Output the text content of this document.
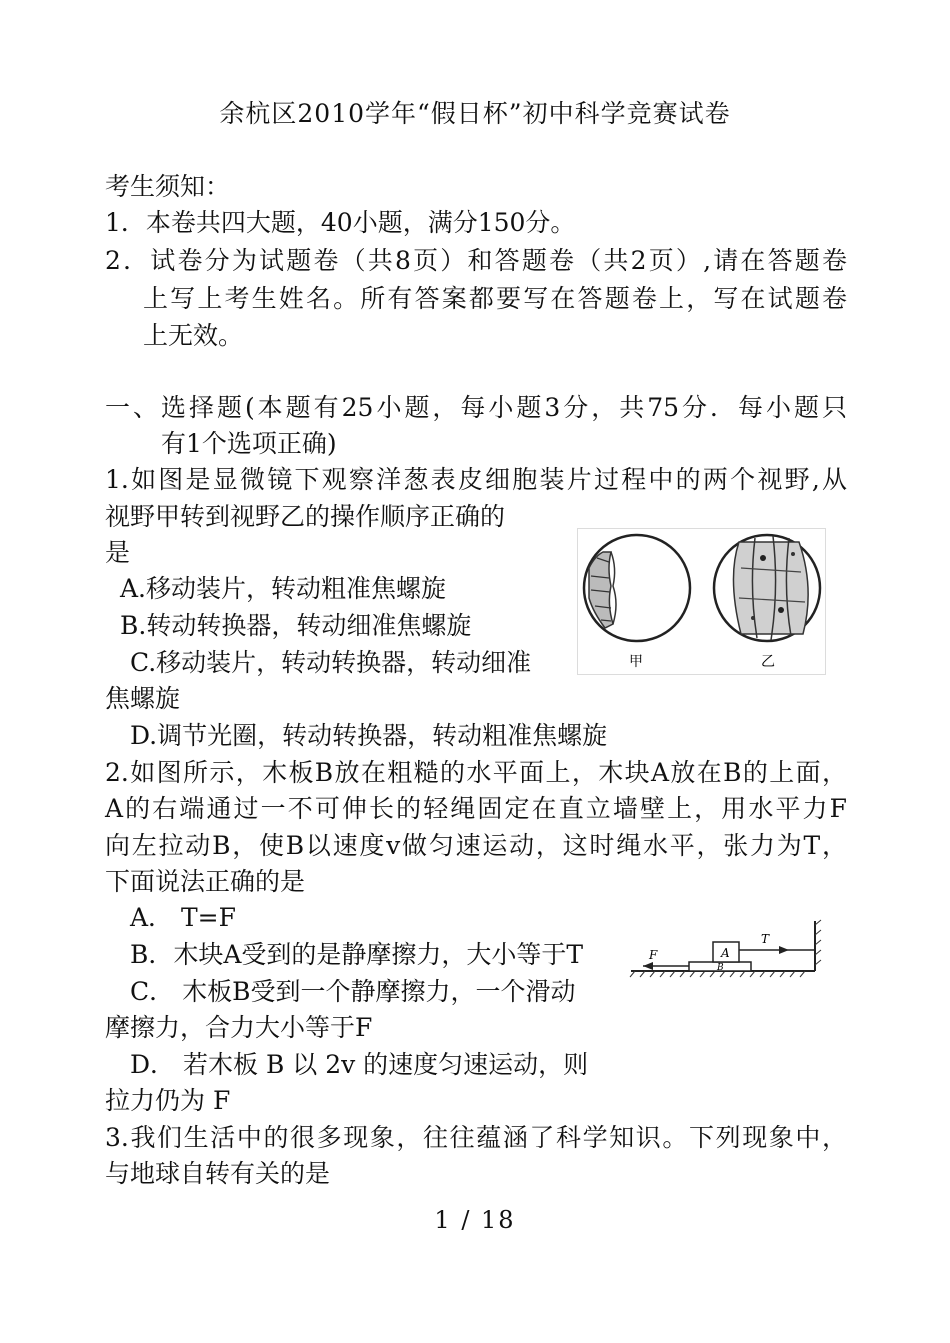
余杭区2010学年“假日杯”初中科学竞赛试卷
考生须知：
1．本卷共四大题，40小题，满分150分。
2．试卷分为试题卷（共8页）和答题卷（共2页）,请在答题卷
上写上考生姓名。所有答案都要写在答题卷上，写在试题卷
上无效。
一、选择题(本题有25小题，每小题3分，共75分．每小题只
有1个选项正确)
1.如图是显微镜下观察洋葱表皮细胞装片过程中的两个视野,从
视野甲转到视野乙的操作顺序正确的
是
A.移动装片，转动粗准焦螺旋
B.转动转换器，转动细准焦螺旋
C.移动装片，转动转换器，转动细准
焦螺旋
D.调节光圈，转动转换器，转动粗准焦螺旋
甲	乙
2.如图所示，木板B放在粗糙的水平面上，木块A放在B的上面，
A的右端通过一不可伸长的轻绳固定在直立墙壁上，用水平力F
向左拉动B，使B以速度v做匀速运动，这时绳水平，张力为T，
下面说法正确的是
A． T=F
B．木块A受到的是静摩擦力，大小等于T
C． 木板B受到一个静摩擦力，一个滑动
摩擦力，合力大小等于F
D． 若木板 B 以 2v 的速度匀速运动，则
拉力仍为 F
B
A
T
F
3.我们生活中的很多现象，往往蕴涵了科学知识。下列现象中，
与地球自转有关的是
1 / 18
